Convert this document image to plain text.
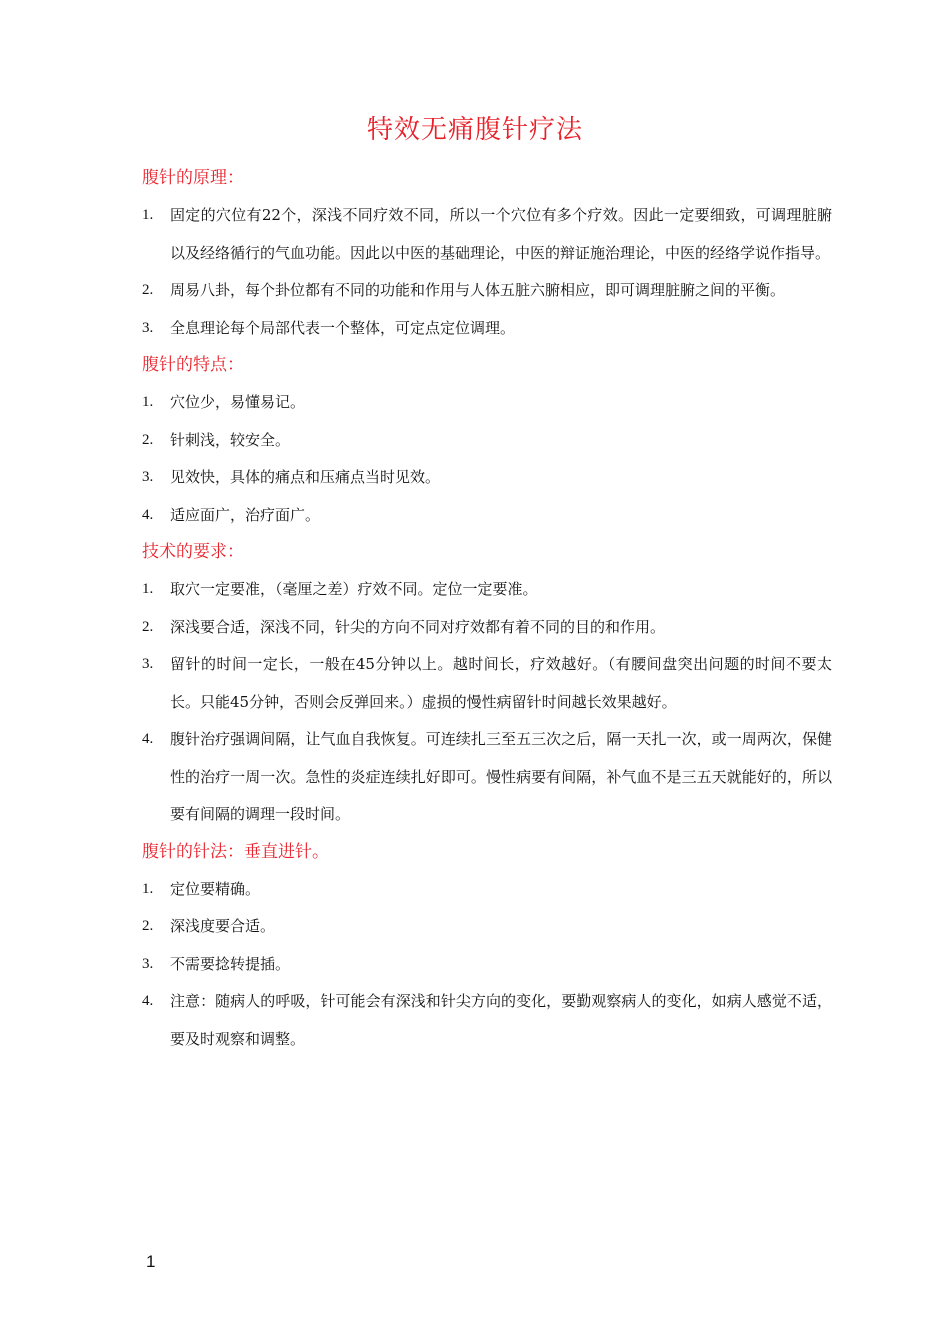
特效无痛腹针疗法
腹针的原理：
1. 固定的穴位有22个，深浅不同疗效不同，所以一个穴位有多个疗效。因此一定要细致，可调理脏腑以及经络循行的气血功能。因此以中医的基础理论，中医的辩证施治理论，中医的经络学说作指导。
2. 周易八卦，每个卦位都有不同的功能和作用与人体五脏六腑相应，即可调理脏腑之间的平衡。
3. 全息理论每个局部代表一个整体，可定点定位调理。
腹针的特点：
1. 穴位少，易懂易记。
2. 针刺浅，较安全。
3. 见效快，具体的痛点和压痛点当时见效。
4. 适应面广，治疗面广。
技术的要求：
1. 取穴一定要准，（毫厘之差）疗效不同。定位一定要准。
2. 深浅要合适，深浅不同，针尖的方向不同对疗效都有着不同的目的和作用。
3. 留针的时间一定长，一般在45分钟以上。越时间长，疗效越好。（有腰间盘突出问题的时间不要太长。只能45分钟，否则会反弹回来。）虚损的慢性病留针时间越长效果越好。
4. 腹针治疗强调间隔，让气血自我恢复。可连续扎三至五三次之后，隔一天扎一次，或一周两次，保健性的治疗一周一次。急性的炎症连续扎好即可。慢性病要有间隔，补气血不是三五天就能好的，所以要有间隔的调理一段时间。
腹针的针法：垂直进针。
1. 定位要精确。
2. 深浅度要合适。
3. 不需要捻转提插。
4. 注意：随病人的呼吸，针可能会有深浅和针尖方向的变化，要勤观察病人的变化，如病人感觉不适，要及时观察和调整。
1
